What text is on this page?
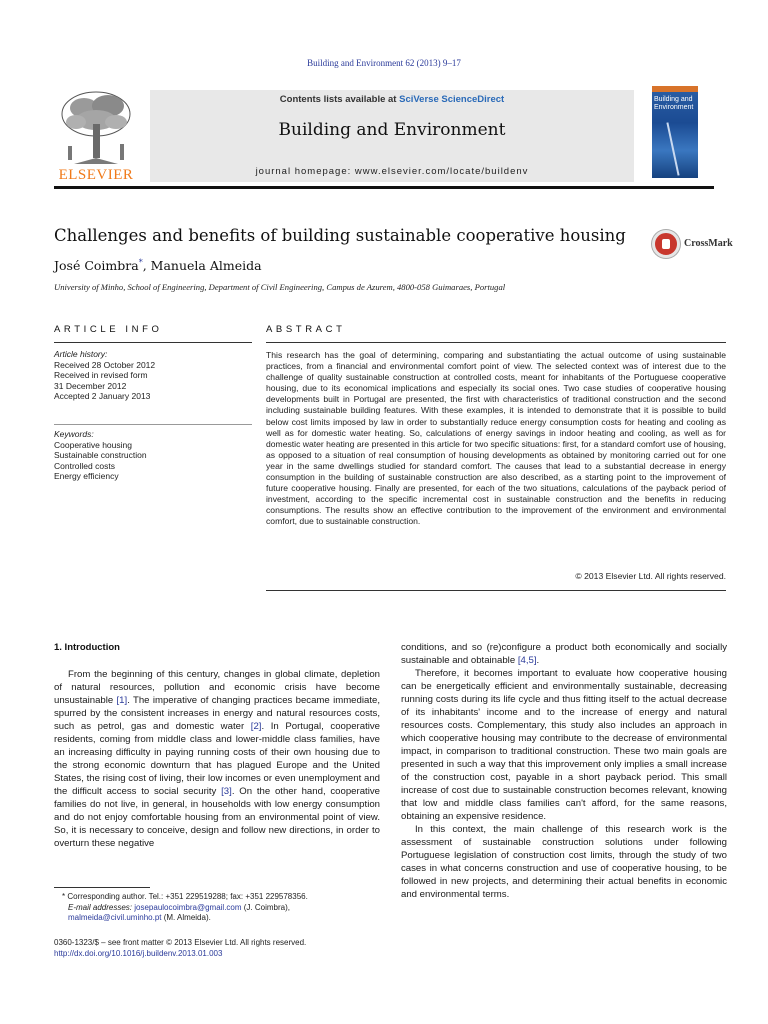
Building and Environment 62 (2013) 9–17
ELSEVIER
Contents lists available at SciVerse ScienceDirect
Building and Environment
journal homepage: www.elsevier.com/locate/buildenv
Building and Environment
Challenges and benefits of building sustainable cooperative housing	CrossMark
José Coimbra*, Manuela Almeida
University of Minho, School of Engineering, Department of Civil Engineering, Campus de Azurem, 4800-058 Guimaraes, Portugal
ARTICLE INFO
Article history:
Received 28 October 2012
Received in revised form
31 December 2012
Accepted 2 January 2013
Keywords:
Cooperative housing
Sustainable construction
Controlled costs
Energy efficiency
ABSTRACT
This research has the goal of determining, comparing and substantiating the actual outcome of using sustainable practices, from a financial and environmental comfort point of view. The selected context was of interest due to the challenge of quality sustainable construction at controlled costs, meant for inhabitants of the Portuguese cooperative housing, due to its economical implications and especially its social ones. Two case studies of cooperative housing developments built in Portugal are presented, the first with characteristics of traditional construction and the second including sustainable building features. With these examples, it is intended to demonstrate that it is possible to build below cost limits imposed by law in order to substantially reduce energy consumption costs for heating and cooling as well as for domestic water heating. So, calculations of energy savings in indoor heating and cooling, as well as for domestic water heating are presented in this article for two specific situations: first, for a standard comfort use of housing, as opposed to a situation of real consumption of housing developments as obtained by monitoring carried out for one year in the same dwellings studied for standard comfort. The causes that lead to a substantial decrease in energy consumption in the building of sustainable construction are also described, as a starting point to the improvement of future cooperative housing. Finally are presented, for each of the two situations, calculations of the payback period of investment, according to the specific incremental cost in sustainable construction and the benefits in reducing consumptions. The results show an effective contribution to the improvement of the environment and environmental comfort, due to sustainable construction.
© 2013 Elsevier Ltd. All rights reserved.
1. Introduction

From the beginning of this century, changes in global climate, depletion of natural resources, pollution and economic crisis have become unsustainable [1]. The imperative of changing practices became immediate, spurred by the consistent increases in energy and natural resources costs, such as petrol, gas and domestic water [2]. In Portugal, cooperative residents, coming from middle class and lower-middle class families, have an increasing difficulty in paying running costs of their own housing due to the strong economic downturn that has plagued Europe and the United States, the rising cost of living, their low incomes or even unemployment and the difficult access to social security [3]. On the other hand, cooperative families do not live, in general, in households with low energy consumption and do not enjoy comfortable housing from an environmental point of view. So, it is necessary to conceive, design and follow new directions, in order to overturn these negative

conditions, and so (re)configure a product both economically and socially sustainable and obtainable [4,5].

Therefore, it becomes important to evaluate how cooperative housing can be energetically efficient and environmentally sustainable, decreasing running costs during its life cycle and thus fitting itself to the actual decrease of its inhabitants' income and to the increase of energy and natural resources costs. Complementary, this study also includes an approach in which cooperative housing may contribute to the decrease of environmental impact, in comparison to traditional construction. These two main goals are presented in such a way that this improvement only implies a small increase of the construction cost, payable in a short payback period. This small increase of cost due to sustainable construction becomes relevant, knowing that low and middle class families can't afford, for the same reasons, obtaining an expensive residence.

In this context, the main challenge of this research work is the assessment of sustainable construction solutions under following Portuguese legislation of construction cost limits, through the study of two cases in what concerns construction and use of cooperative housing, to be followed in new projects, and determining their actual benefits in economic and environmental terms.

* Corresponding author. Tel.: +351 229519288; fax: +351 229578356.
E-mail addresses: josepaulocoimbra@gmail.com (J. Coimbra), malmeida@civil.uminho.pt (M. Almeida).
0360-1323/$ – see front matter © 2013 Elsevier Ltd. All rights reserved.
http://dx.doi.org/10.1016/j.buildenv.2013.01.003
